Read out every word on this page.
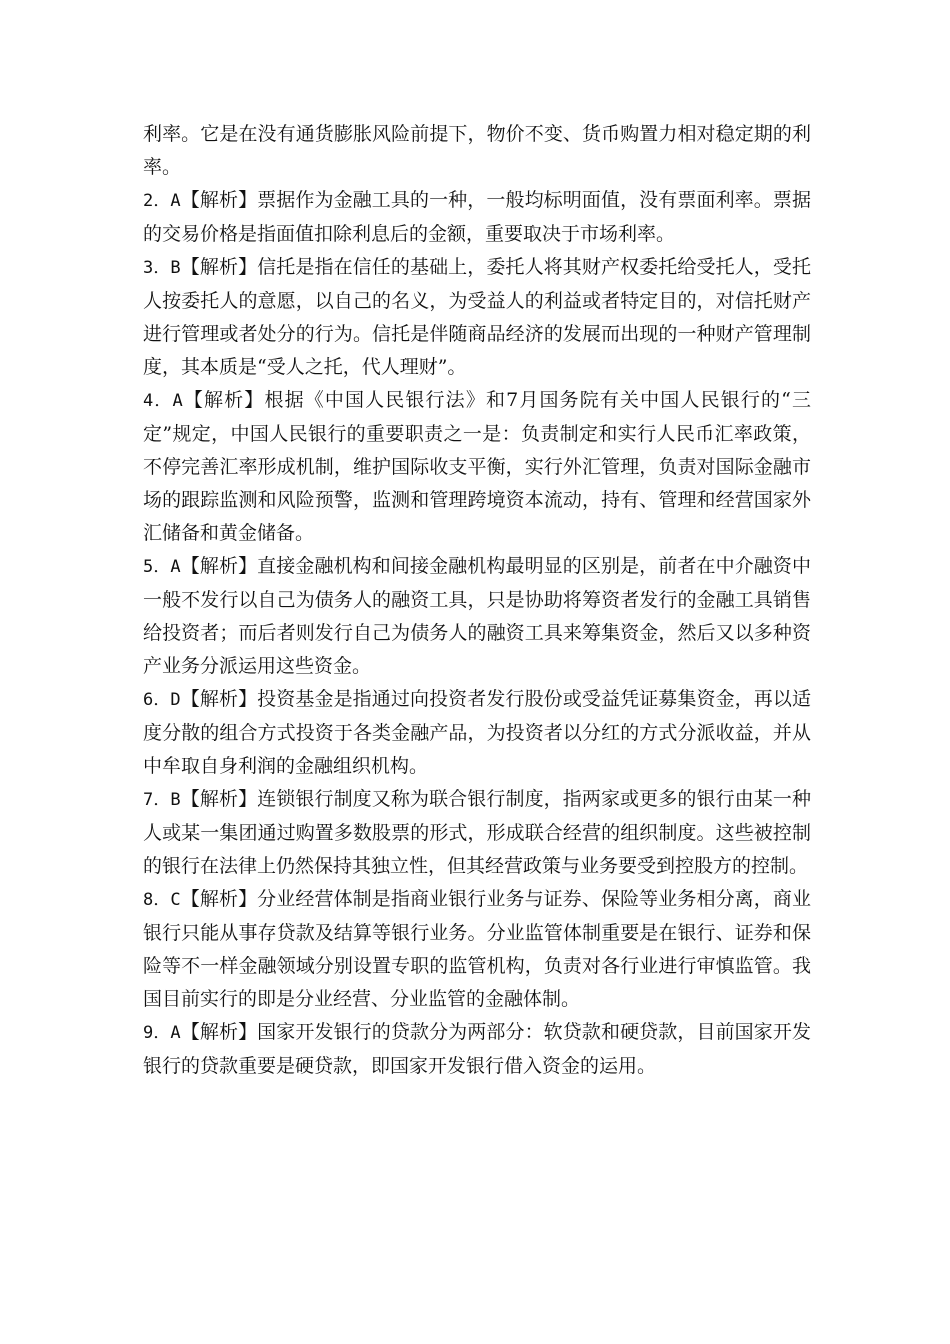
利率。它是在没有通货膨胀风险前提下，物价不变、货币购置力相对稳定期的利率。

2．A【解析】票据作为金融工具的一种，一般均标明面值，没有票面利率。票据的交易价格是指面值扣除利息后的金额，重要取决于市场利率。

3．B【解析】信托是指在信任的基础上，委托人将其财产权委托给受托人，受托人按委托人的意愿，以自己的名义，为受益人的利益或者特定目的，对信托财产进行管理或者处分的行为。信托是伴随商品经济的发展而出现的一种财产管理制度，其本质是“受人之托，代人理财”。

4．A【解析】根据《中国人民银行法》和7月国务院有关中国人民银行的“三定”规定，中国人民银行的重要职责之一是：负责制定和实行人民币汇率政策，不停完善汇率形成机制，维护国际收支平衡，实行外汇管理，负责对国际金融市场的跟踪监测和风险预警，监测和管理跨境资本流动，持有、管理和经营国家外汇储备和黄金储备。

5．A【解析】直接金融机构和间接金融机构最明显的区别是，前者在中介融资中一般不发行以自己为债务人的融资工具，只是协助将筹资者发行的金融工具销售给投资者；而后者则发行自己为债务人的融资工具来筹集资金，然后又以多种资产业务分派运用这些资金。

6．D【解析】投资基金是指通过向投资者发行股份或受益凭证募集资金，再以适度分散的组合方式投资于各类金融产品，为投资者以分红的方式分派收益，并从中牟取自身利润的金融组织机构。

7．B【解析】连锁银行制度又称为联合银行制度，指两家或更多的银行由某一种人或某一集团通过购置多数股票的形式，形成联合经营的组织制度。这些被控制的银行在法律上仍然保持其独立性，但其经营政策与业务要受到控股方的控制。

8．C【解析】分业经营体制是指商业银行业务与证券、保险等业务相分离，商业银行只能从事存贷款及结算等银行业务。分业监管体制重要是在银行、证券和保险等不一样金融领域分别设置专职的监管机构，负责对各行业进行审慎监管。我国目前实行的即是分业经营、分业监管的金融体制。

9．A【解析】国家开发银行的贷款分为两部分：软贷款和硬贷款，目前国家开发银行的贷款重要是硬贷款，即国家开发银行借入资金的运用。
